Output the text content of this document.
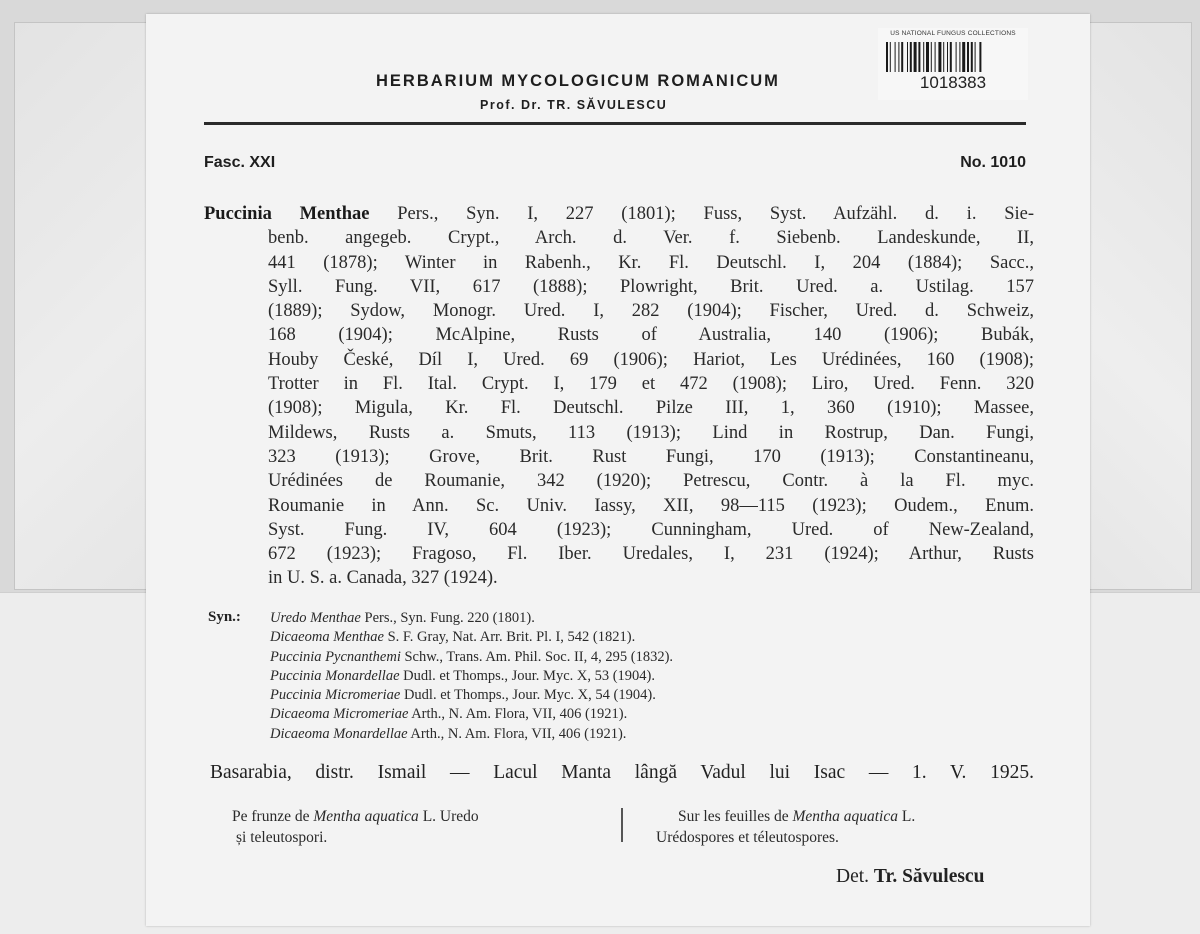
HERBARIUM MYCOLOGICUM ROMANICUM
Prof. Dr. TR. SĂVULESCU
US NATIONAL FUNGUS COLLECTIONS
1018383
Fasc. XXI	No. 1010
Puccinia Menthae Pers., Syn. I, 227 (1801); Fuss, Syst. Aufzähl. d. i. Sie-
benb. angegeb. Crypt., Arch. d. Ver. f. Siebenb. Landeskunde, II,
441 (1878); Winter in Rabenh., Kr. Fl. Deutschl. I, 204 (1884); Sacc.,
Syll. Fung. VII, 617 (1888); Plowright, Brit. Ured. a. Ustilag. 157
(1889); Sydow, Monogr. Ured. I, 282 (1904); Fischer, Ured. d. Schweiz,
168 (1904); McAlpine, Rusts of Australia, 140 (1906); Bubák,
Houby České, Díl I, Ured. 69 (1906); Hariot, Les Urédinées, 160 (1908);
Trotter in Fl. Ital. Crypt. I, 179 et 472 (1908); Liro, Ured. Fenn. 320
(1908); Migula, Kr. Fl. Deutschl. Pilze III, 1, 360 (1910); Massee,
Mildews, Rusts a. Smuts, 113 (1913); Lind in Rostrup, Dan. Fungi,
323 (1913); Grove, Brit. Rust Fungi, 170 (1913); Constantineanu,
Urédinées de Roumanie, 342 (1920); Petrescu, Contr. à la Fl. myc.
Roumanie in Ann. Sc. Univ. Iassy, XII, 98—115 (1923); Oudem., Enum.
Syst. Fung. IV, 604 (1923); Cunningham, Ured. of New-Zealand,
672 (1923); Fragoso, Fl. Iber. Uredales, I, 231 (1924); Arthur, Rusts
in U. S. a. Canada, 327 (1924).
Syn.: Uredo Menthae Pers., Syn. Fung. 220 (1801).
Dicaeoma Menthae S. F. Gray, Nat. Arr. Brit. Pl. I, 542 (1821).
Puccinia Pycnanthemi Schw., Trans. Am. Phil. Soc. II, 4, 295 (1832).
Puccinia Monardellae Dudl. et Thomps., Jour. Myc. X, 53 (1904).
Puccinia Micromeriae Dudl. et Thomps., Jour. Myc. X, 54 (1904).
Dicaeoma Micromeriae Arth., N. Am. Flora, VII, 406 (1921).
Dicaeoma Monardellae Arth., N. Am. Flora, VII, 406 (1921).
Basarabia, distr. Ismail — Lacul Manta lângă Vadul lui Isac — 1. V. 1925.
Pe frunze de Mentha aquatica L. Uredo
și teleutospori.
Sur les feuilles de Mentha aquatica L.
Urédospores et téleutospores.
Det. Tr. Săvulescu
